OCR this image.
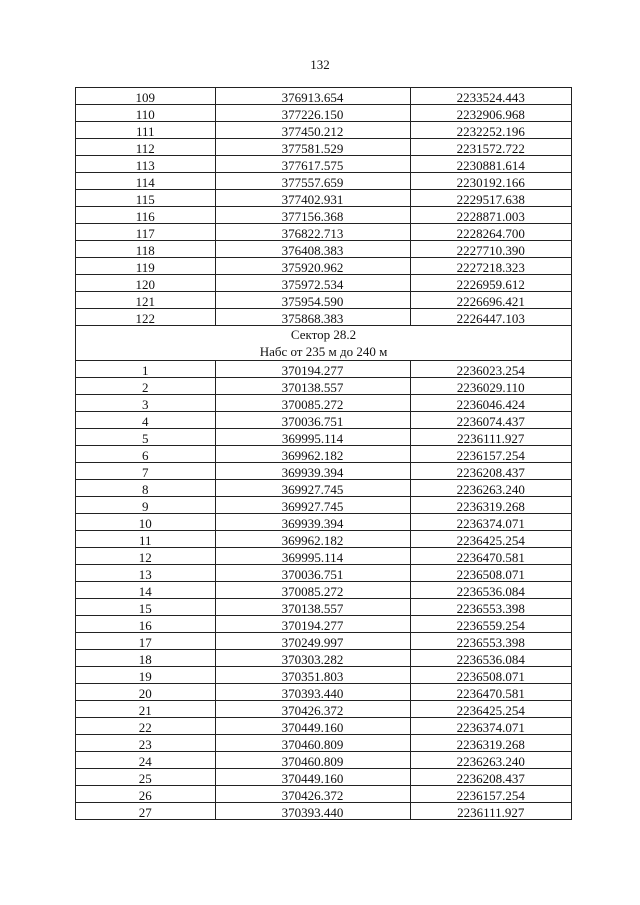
132
109	376913.654	2233524.443
110	377226.150	2232906.968
111	377450.212	2232252.196
112	377581.529	2231572.722
113	377617.575	2230881.614
114	377557.659	2230192.166
115	377402.931	2229517.638
116	377156.368	2228871.003
117	376822.713	2228264.700
118	376408.383	2227710.390
119	375920.962	2227218.323
120	375972.534	2226959.612
121	375954.590	2226696.421
122	375868.383	2226447.103

Сектор 28.2
Набс от 235 м до 240 м		

1	370194.277	2236023.254
2	370138.557	2236029.110
3	370085.272	2236046.424
4	370036.751	2236074.437
5	369995.114	2236111.927
6	369962.182	2236157.254
7	369939.394	2236208.437
8	369927.745	2236263.240
9	369927.745	2236319.268
10	369939.394	2236374.071
11	369962.182	2236425.254
12	369995.114	2236470.581
13	370036.751	2236508.071
14	370085.272	2236536.084
15	370138.557	2236553.398
16	370194.277	2236559.254
17	370249.997	2236553.398
18	370303.282	2236536.084
19	370351.803	2236508.071
20	370393.440	2236470.581
21	370426.372	2236425.254
22	370449.160	2236374.071
23	370460.809	2236319.268
24	370460.809	2236263.240
25	370449.160	2236208.437
26	370426.372	2236157.254
27	370393.440	2236111.927
